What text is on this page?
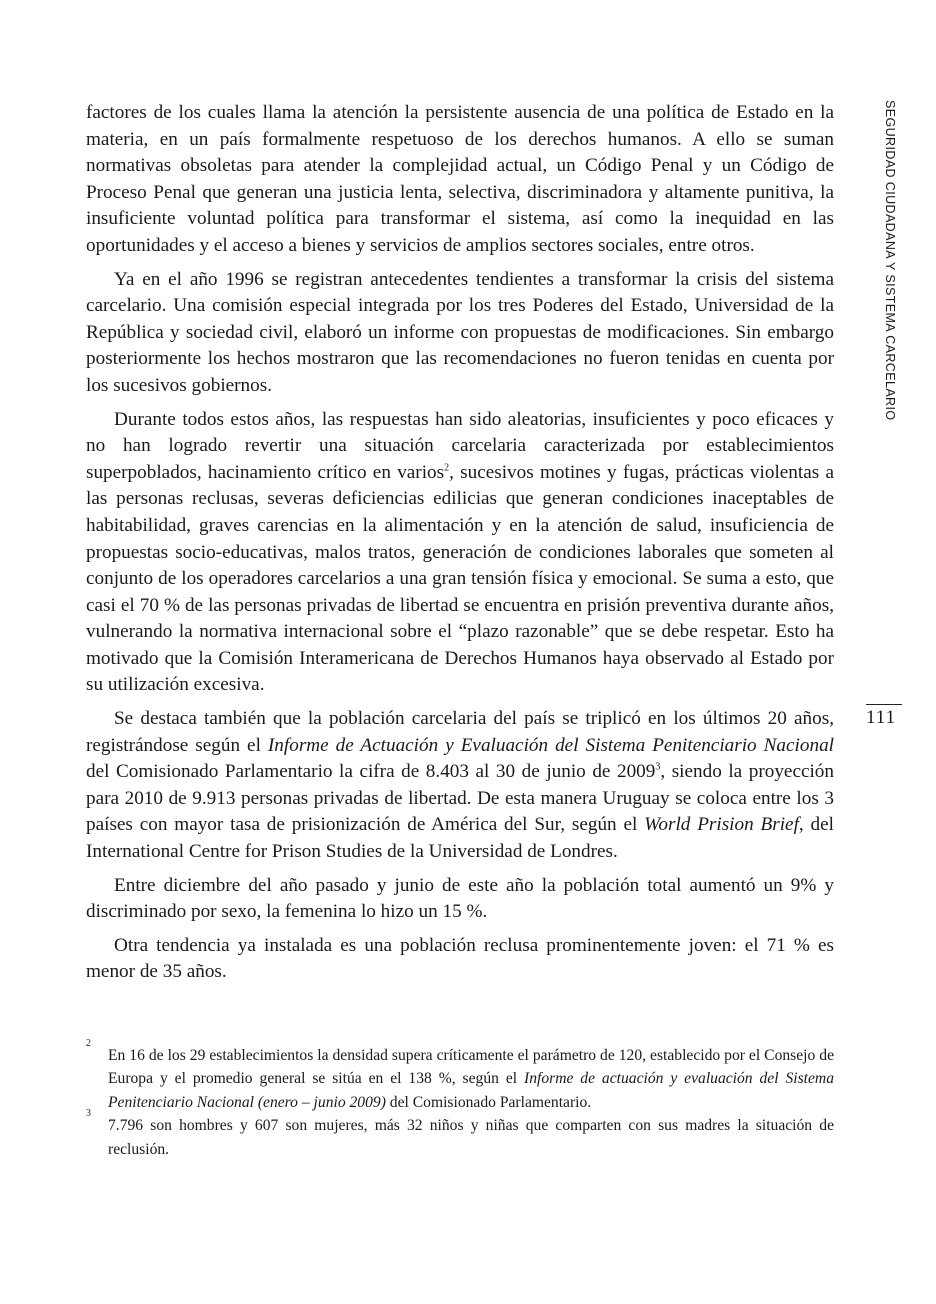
SEGURIDAD CIUDADANA Y SISTEMA CARCELARIO
111

factores de los cuales llama la atención la persistente ausencia de una política de Estado en la materia, en un país formalmente respetuoso de los derechos humanos. A ello se suman normativas obsoletas para atender la complejidad actual, un Código Penal y un Código de Proceso Penal que generan una justicia lenta, selectiva, discriminadora y altamente punitiva, la insuficiente voluntad política para transformar el sistema, así como la inequidad en las oportunidades y el acceso a bienes y servicios de amplios sectores sociales, entre otros.

Ya en el año 1996 se registran antecedentes tendientes a transformar la crisis del sistema carcelario. Una comisión especial integrada por los tres Poderes del Estado, Universidad de la República y sociedad civil, elaboró un informe con propuestas de modificaciones. Sin embargo posteriormente los hechos mostraron que las recomendaciones no fueron tenidas en cuenta por los sucesivos gobiernos.

Durante todos estos años, las respuestas han sido aleatorias, insuficientes y poco eficaces y no han logrado revertir una situación carcelaria caracterizada por establecimientos superpoblados, hacinamiento crítico en varios$^2$, sucesivos motines y fugas, prácticas violentas a las personas reclusas, severas deficiencias edilicias que generan condiciones inaceptables de habitabilidad, graves carencias en la alimentación y en la atención de salud, insuficiencia de propuestas socio-educativas, malos tratos, generación de condiciones laborales que someten al conjunto de los operadores carcelarios a una gran tensión física y emocional. Se suma a esto, que casi el 70 % de las personas privadas de libertad se encuentra en prisión preventiva durante años, vulnerando la normativa internacional sobre el “plazo razonable” que se debe respetar. Esto ha motivado que la Comisión Interamericana de Derechos Humanos haya observado al Estado por su utilización excesiva.

Se destaca también que la población carcelaria del país se triplicó en los últimos 20 años, registrándose según el Informe de Actuación y Evaluación del Sistema Penitenciario Nacional del Comisionado Parlamentario la cifra de 8.403 al 30 de junio de 2009$^3$, siendo la proyección para 2010 de 9.913 personas privadas de libertad. De esta manera Uruguay se coloca entre los 3 países con mayor tasa de prisionización de América del Sur, según el World Prision Brief, del International Centre for Prison Studies de la Universidad de Londres.

Entre diciembre del año pasado y junio de este año la población total aumentó un 9% y discriminado por sexo, la femenina lo hizo un 15 %.

Otra tendencia ya instalada es una población reclusa prominentemente joven: el 71 % es menor de 35 años.

2
En 16 de los 29 establecimientos la densidad supera críticamente el parámetro de 120, establecido por el Consejo de Europa y el promedio general se sitúa en el 138 %, según el Informe de actuación y evaluación del Sistema Penitenciario Nacional (enero – junio 2009) del Comisionado Parlamentario.
3
7.796 son hombres y 607 son mujeres, más 32 niños y niñas que comparten con sus madres la situación de reclusión.
